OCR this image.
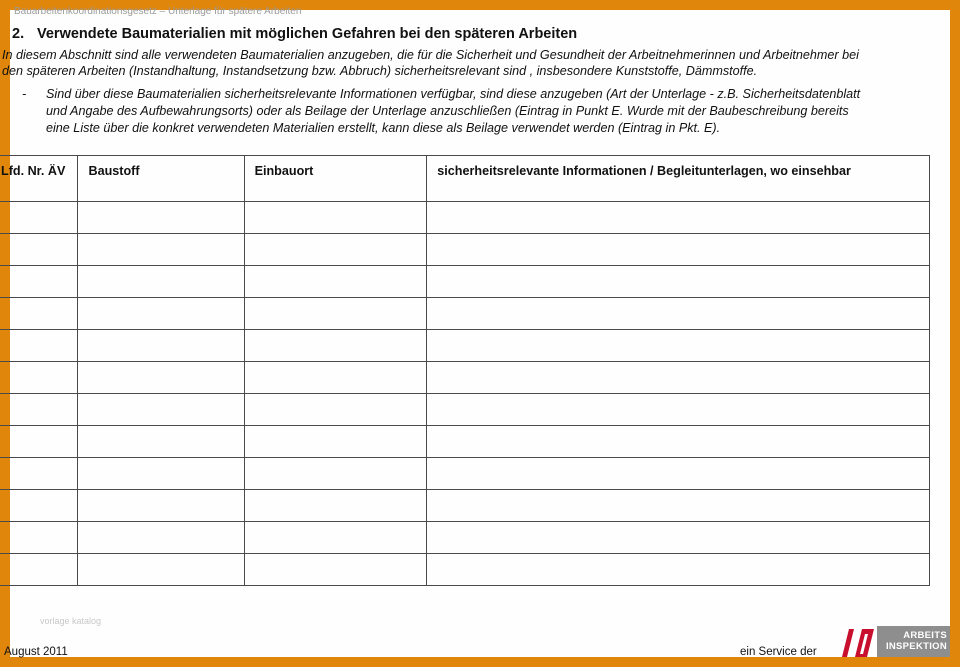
Bauarbeitenkoordinationsgesetz – Unterlage für spätere Arbeiten
2. Verwendete Baumaterialien mit möglichen Gefahren bei den späteren Arbeiten
In diesem Abschnitt sind alle verwendeten Baumaterialien anzugeben, die für die Sicherheit und Gesundheit der Arbeitnehmerinnen und Arbeitnehmer bei
den späteren Arbeiten (Instandhaltung, Instandsetzung bzw. Abbruch) sicherheitsrelevant sind , insbesondere Kunststoffe, Dämmstoffe.
- Sind über diese Baumaterialien sicherheitsrelevante Informationen verfügbar, sind diese anzugeben (Art der Unterlage - z.B. Sicherheitsdatenblatt
und Angabe des Aufbewahrungsorts) oder als Beilage der Unterlage anzuschließen (Eintrag in Punkt E. Wurde mit der Baubeschreibung bereits
eine Liste über die konkret verwendeten Materialien erstellt, kann diese als Beilage verwendet werden (Eintrag in Pkt. E).
Lfd. Nr. ÄV	Baustoff	Einbauort	sicherheitsrelevante Informationen / Begleitunterlagen, wo einsehbar

vorlage katalog
August 2011	ein Service der
ARBEITS
INSPEKTION
